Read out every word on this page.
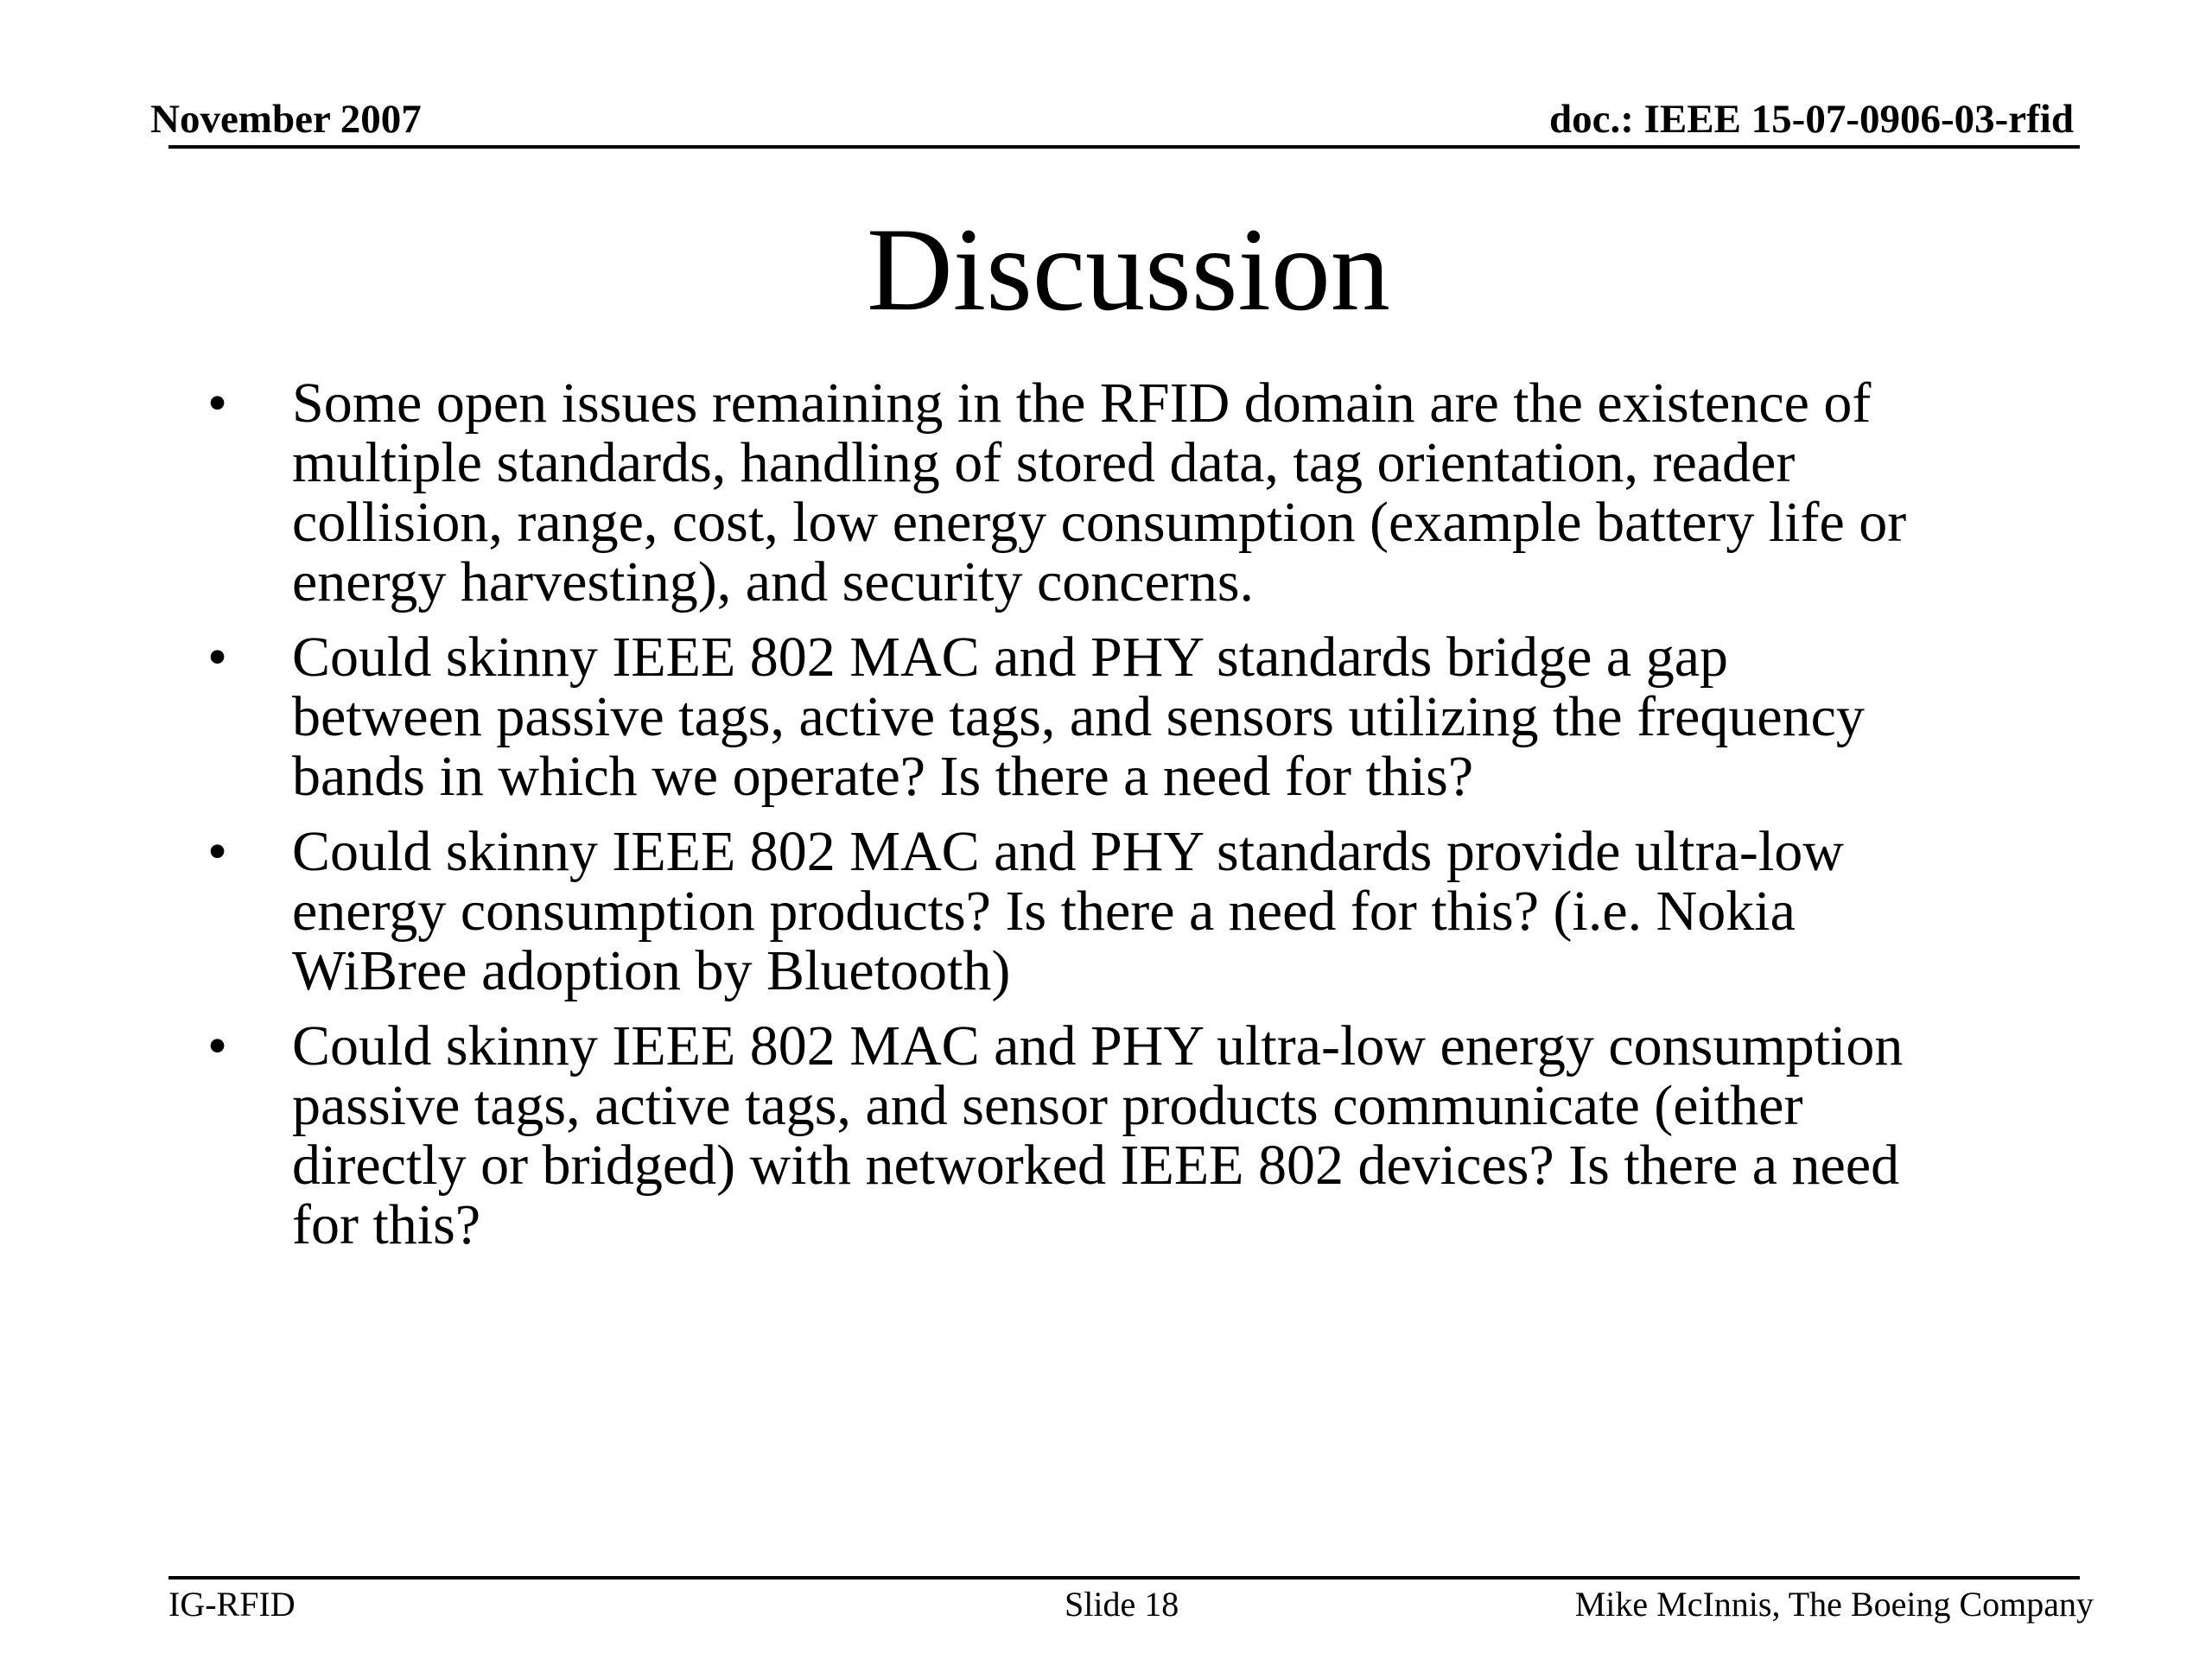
November 2007	doc.: IEEE 15-07-0906-03-rfid
Discussion
• Some open issues remaining in the RFID domain are the existence of
multiple standards, handling of stored data, tag orientation, reader
collision, range, cost, low energy consumption (example battery life or
energy harvesting), and security concerns.
• Could skinny IEEE 802 MAC and PHY standards bridge a gap
between passive tags, active tags, and sensors utilizing the frequency
bands in which we operate? Is there a need for this?
• Could skinny IEEE 802 MAC and PHY standards provide ultra-low
energy consumption products? Is there a need for this? (i.e. Nokia
WiBree adoption by Bluetooth)
• Could skinny IEEE 802 MAC and PHY ultra-low energy consumption
passive tags, active tags, and sensor products communicate (either
directly or bridged) with networked IEEE 802 devices? Is there a need
for this?
IG-RFID	Slide 18	Mike McInnis, The Boeing Company
